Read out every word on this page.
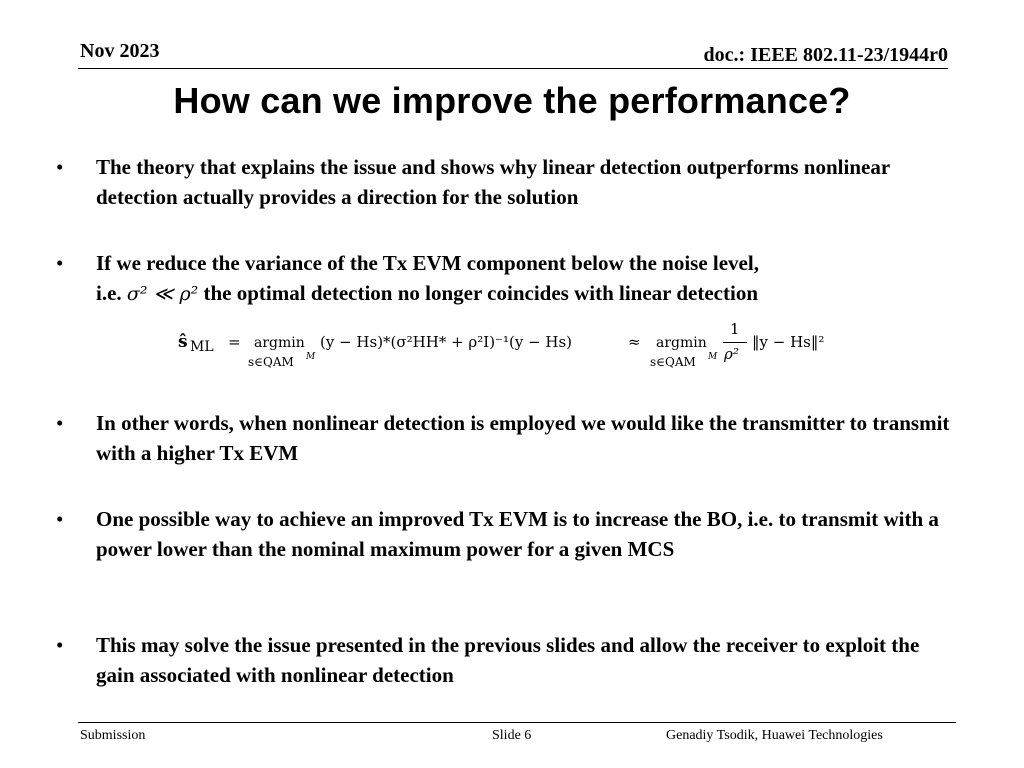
Nov 2023	doc.: IEEE 802.11-23/1944r0
How can we improve the performance?
• The theory that explains the issue and shows why linear detection outperforms nonlinear detection actually provides a direction for the solution
• If we reduce the variance of the Tx EVM component below the noise level,
i.e. σ² ≪ ρ² the optimal detection no longer coincides with linear detection
ŝ ML = argmin
s∈QAM M
(y − Hs)*(σ²HH* + ρ²I)⁻¹(y − Hs)	≈ argmin
s∈QAM M
1
ρ²
‖y − Hs‖²
• In other words, when nonlinear detection is employed we would like the transmitter to transmit with a higher Tx EVM
• One possible way to achieve an improved Tx EVM is to increase the BO, i.e. to transmit with a power lower than the nominal maximum power for a given MCS
• This may solve the issue presented in the previous slides and allow the receiver to exploit the gain associated with nonlinear detection
Submission	Slide 6	Genadiy Tsodik, Huawei Technologies
